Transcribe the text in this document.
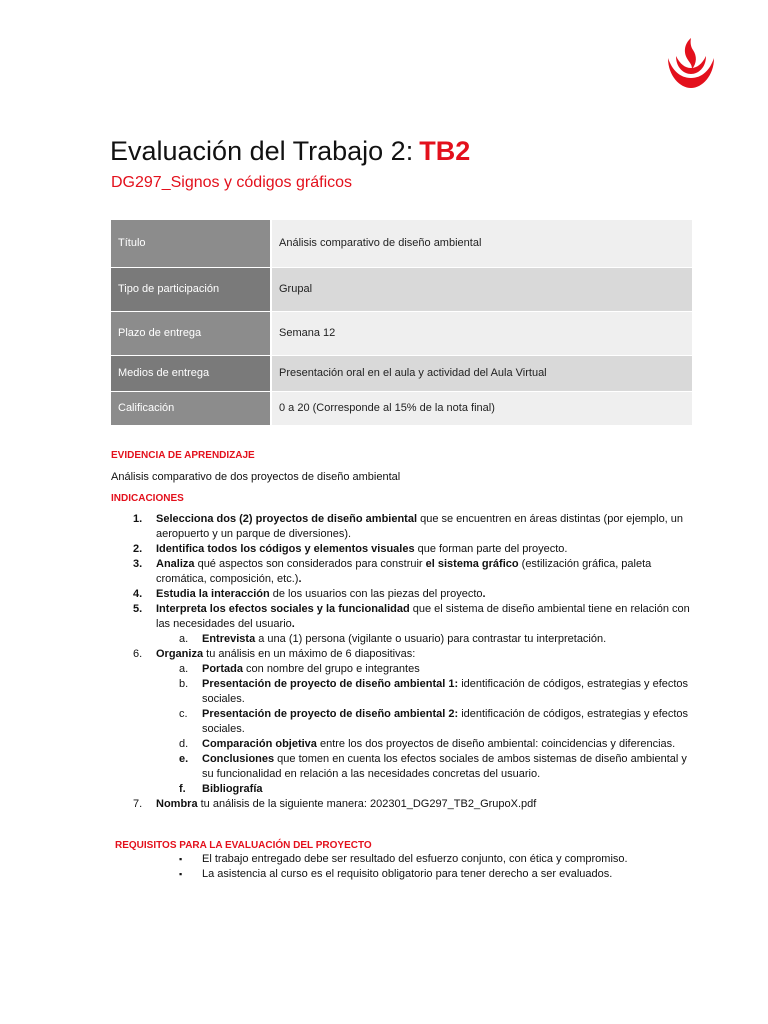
Evaluación del Trabajo 2: TB2

DG297_Signos y códigos gráficos

Título	Análisis comparativo de diseño ambiental
Tipo de participación	Grupal
Plazo de entrega	Semana 12
Medios de entrega	Presentación oral en el aula y actividad del Aula Virtual
Calificación	0 a 20 (Corresponde al 15% de la nota final)

EVIDENCIA DE APRENDIZAJE

Análisis comparativo de dos proyectos de diseño ambiental

INDICACIONES

1.	Selecciona dos (2) proyectos de diseño ambiental que se encuentren en áreas distintas (por ejemplo, un aeropuerto y un parque de diversiones).

2.	Identifica todos los códigos y elementos visuales que forman parte del proyecto.

3.	Analiza qué aspectos son considerados para construir el sistema gráfico (estilización gráfica, paleta cromática, composición, etc.).

4.	Estudia la interacción de los usuarios con las piezas del proyecto.

5.	Interpreta los efectos sociales y la funcionalidad que el sistema de diseño ambiental tiene en relación con las necesidades del usuario.

a. Entrevista a una (1) persona (vigilante o usuario) para contrastar tu interpretación.

6.	Organiza tu análisis en un máximo de 6 diapositivas:

a. Portada con nombre del grupo e integrantes

b. Presentación de proyecto de diseño ambiental 1: identificación de códigos, estrategias y efectos sociales.

c. Presentación de proyecto de diseño ambiental 2: identificación de códigos, estrategias y efectos sociales.

d. Comparación objetiva entre los dos proyectos de diseño ambiental: coincidencias y diferencias.

e. Conclusiones que tomen en cuenta los efectos sociales de ambos sistemas de diseño ambiental y su funcionalidad en relación a las necesidades concretas del usuario.

f. Bibliografía

7.	Nombra tu análisis de la siguiente manera: 202301_DG297_TB2_GrupoX.pdf

REQUISITOS PARA LA EVALUACIÓN DEL PROYECTO

▪ El trabajo entregado debe ser resultado del esfuerzo conjunto, con ética y compromiso.

▪ La asistencia al curso es el requisito obligatorio para tener derecho a ser evaluados.
